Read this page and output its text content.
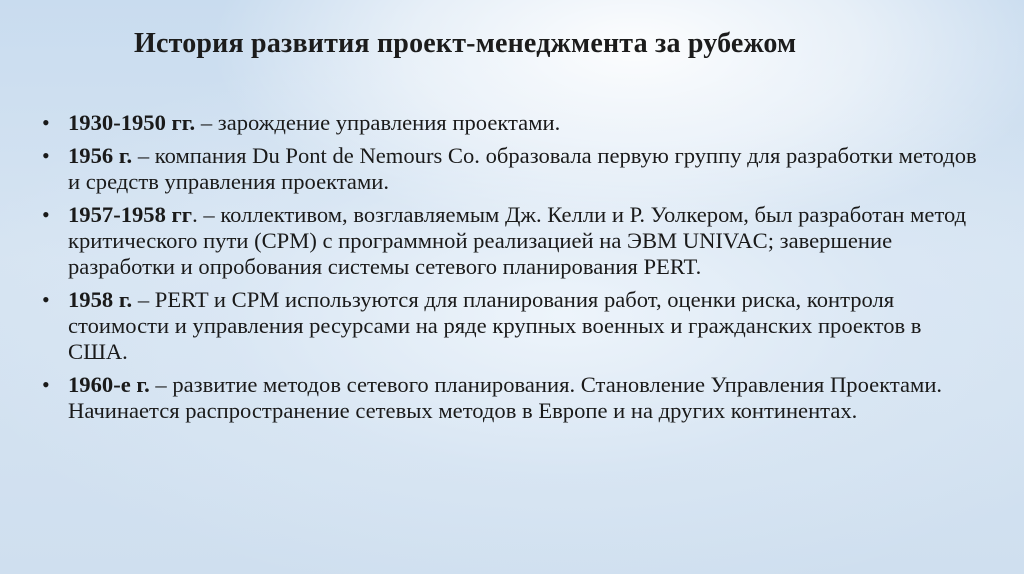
История развития проект-менеджмента за рубежом
• 1930-1950 гг. – зарождение управления проектами.
• 1956 г. – компания Du Pont de Nemours Co. образовала первую группу для разработки методов и средств управления проектами.
• 1957-1958 гг. – коллективом, возглавляемым Дж. Келли и Р. Уолкером, был разработан метод критического пути (СРМ) с программной реализацией на ЭВМ UNIVAC; завершение разработки и опробования системы сетевого планирования PERT.
• 1958 г. – PERT и CPM используются для планирования работ, оценки риска, контроля стоимости и управления ресурсами на ряде крупных военных и гражданских проектов в США.
• 1960-е г. – развитие методов сетевого планирования. Становление Управления Проектами. Начинается распространение сетевых методов в Европе и на других континентах.
